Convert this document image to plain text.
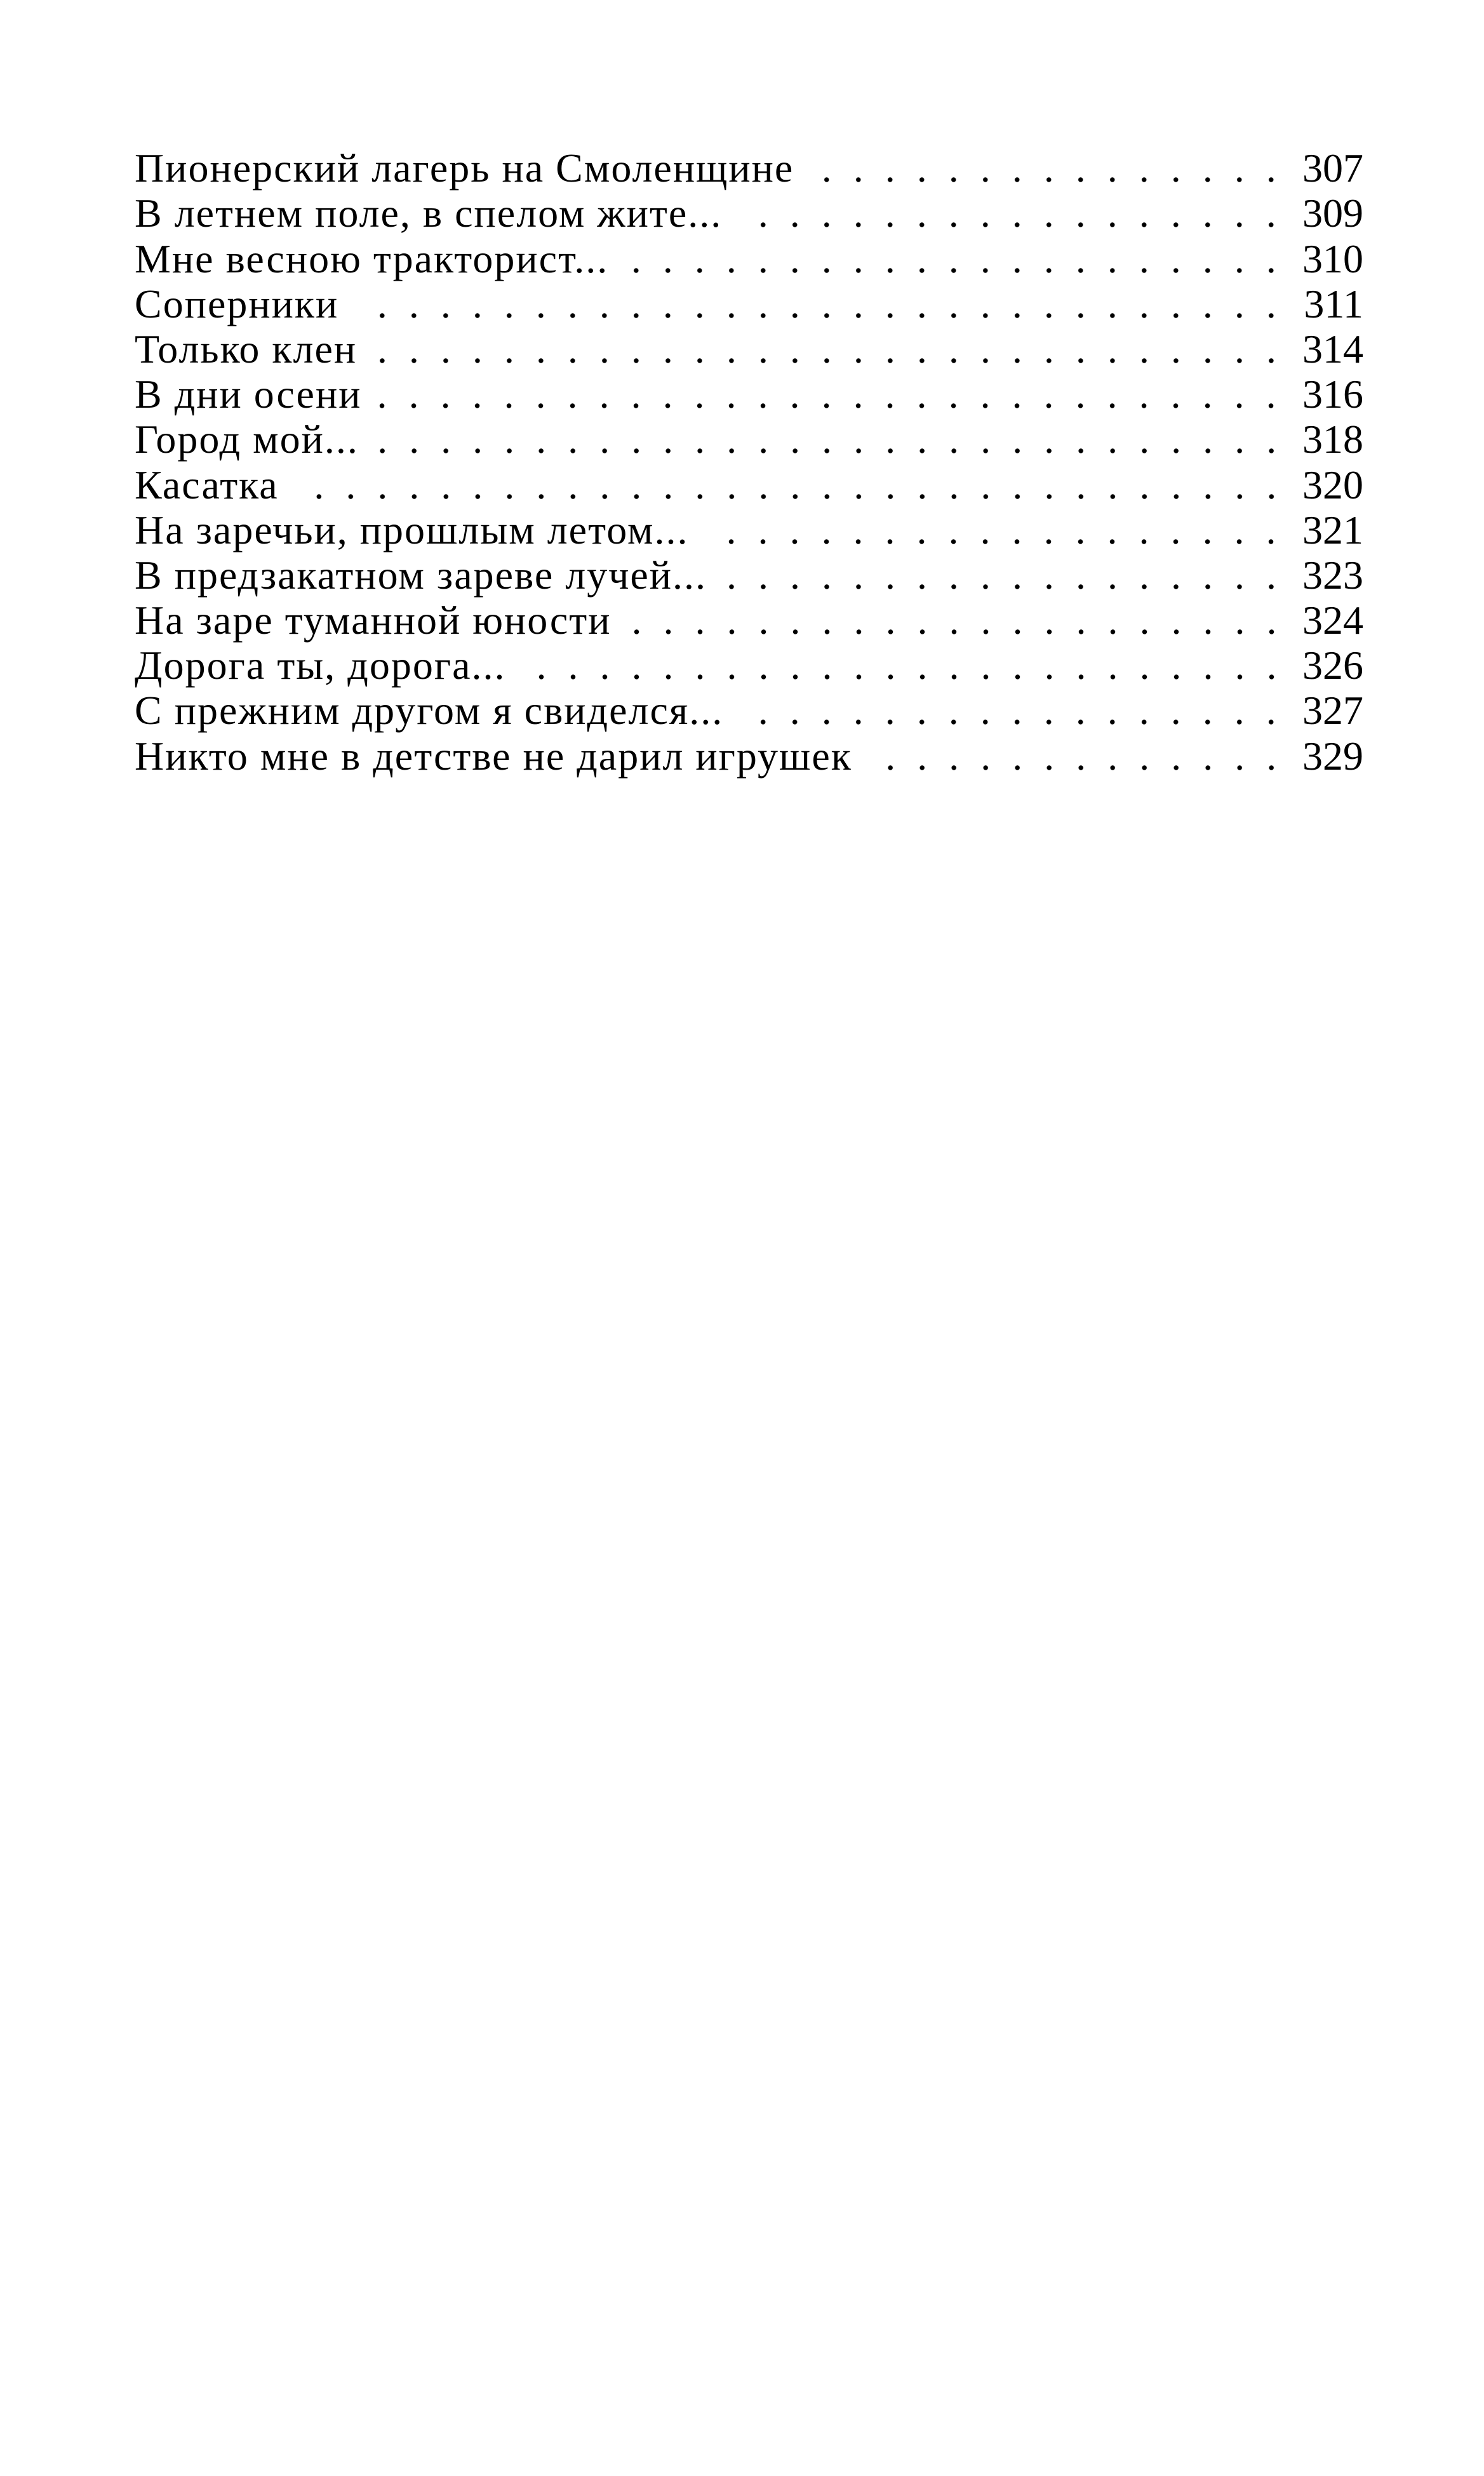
Пионерский лагерь на Смоленщине	307
В летнем поле, в спелом жите...	309
Мне весною тракторист...	310
Соперники	311
Только клен	314
В дни осени	316
Город мой...	318
Касатка	320
На заречьи, прошлым летом...	321
В предзакатном зареве лучей...	323
На заре туманной юности	324
Дорога ты, дорога...	326
С прежним другом я свиделся...	327
Никто мне в детстве не дарил игрушек	329
